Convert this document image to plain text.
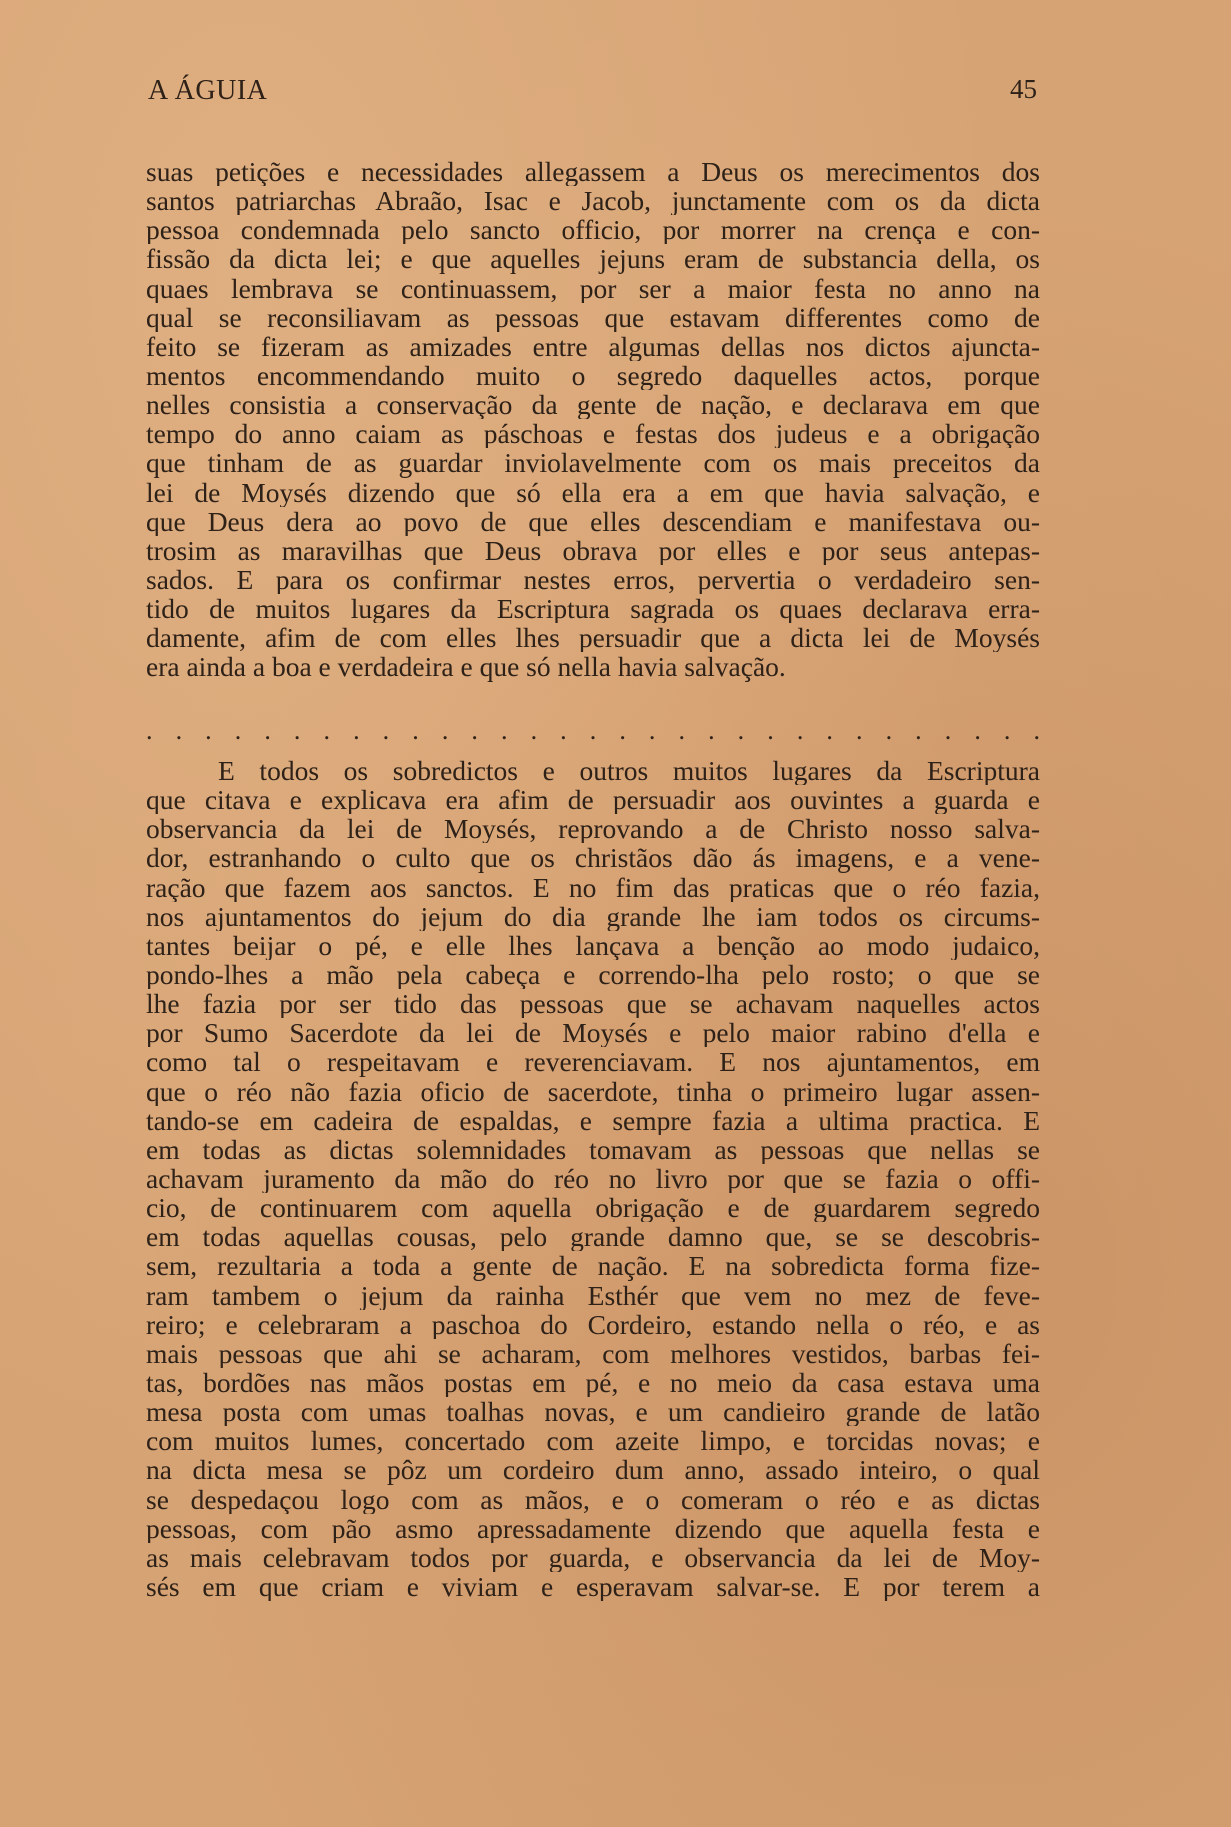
A ÁGUIA	45
suas petições e necessidades allegassem a Deus os merecimentos dos
santos patriarchas Abraão, Isac e Jacob, junctamente com os da dicta
pessoa condemnada pelo sancto officio, por morrer na crença e con-
fissão da dicta lei; e que aquelles jejuns eram de substancia della, os
quaes lembrava se continuassem, por ser a maior festa no anno na
qual se reconsiliavam as pessoas que estavam differentes como de
feito se fizeram as amizades entre algumas dellas nos dictos ajuncta-
mentos encommendando muito o segredo daquelles actos, porque
nelles consistia a conservação da gente de nação, e declarava em que
tempo do anno caiam as páschoas e festas dos judeus e a obrigação
que tinham de as guardar inviolavelmente com os mais preceitos da
lei de Moysés dizendo que só ella era a em que havia salvação, e
que Deus dera ao povo de que elles descendiam e manifestava ou-
trosim as maravilhas que Deus obrava por elles e por seus antepas-
sados. E para os confirmar nestes erros, pervertia o verdadeiro sen-
tido de muitos lugares da Escriptura sagrada os quaes declarava erra-
damente, afim de com elles lhes persuadir que a dicta lei de Moysés
era ainda a boa e verdadeira e que só nella havia salvação.
. . . . . . . . . . . . . . . . . . . . . . . . . . . . . . .
E todos os sobredictos e outros muitos lugares da Escriptura
que citava e explicava era afim de persuadir aos ouvintes a guarda e
observancia da lei de Moysés, reprovando a de Christo nosso salva-
dor, estranhando o culto que os christãos dão ás imagens, e a vene-
ração que fazem aos sanctos. E no fim das praticas que o réo fazia,
nos ajuntamentos do jejum do dia grande lhe iam todos os circums-
tantes beijar o pé, e elle lhes lançava a benção ao modo judaico,
pondo-lhes a mão pela cabeça e correndo-lha pelo rosto; o que se
lhe fazia por ser tido das pessoas que se achavam naquelles actos
por Sumo Sacerdote da lei de Moysés e pelo maior rabino d'ella e
como tal o respeitavam e reverenciavam. E nos ajuntamentos, em
que o réo não fazia oficio de sacerdote, tinha o primeiro lugar assen-
tando-se em cadeira de espaldas, e sempre fazia a ultima practica. E
em todas as dictas solemnidades tomavam as pessoas que nellas se
achavam juramento da mão do réo no livro por que se fazia o offi-
cio, de continuarem com aquella obrigação e de guardarem segredo
em todas aquellas cousas, pelo grande damno que, se se descobris-
sem, rezultaria a toda a gente de nação. E na sobredicta forma fize-
ram tambem o jejum da rainha Esthér que vem no mez de feve-
reiro; e celebraram a paschoa do Cordeiro, estando nella o réo, e as
mais pessoas que ahi se acharam, com melhores vestidos, barbas fei-
tas, bordões nas mãos postas em pé, e no meio da casa estava uma
mesa posta com umas toalhas novas, e um candieiro grande de latão
com muitos lumes, concertado com azeite limpo, e torcidas novas; e
na dicta mesa se pôz um cordeiro dum anno, assado inteiro, o qual
se despedaçou logo com as mãos, e o comeram o réo e as dictas
pessoas, com pão asmo apressadamente dizendo que aquella festa e
as mais celebravam todos por guarda, e observancia da lei de Moy-
sés em que criam e viviam e esperavam salvar-se. E por terem a
